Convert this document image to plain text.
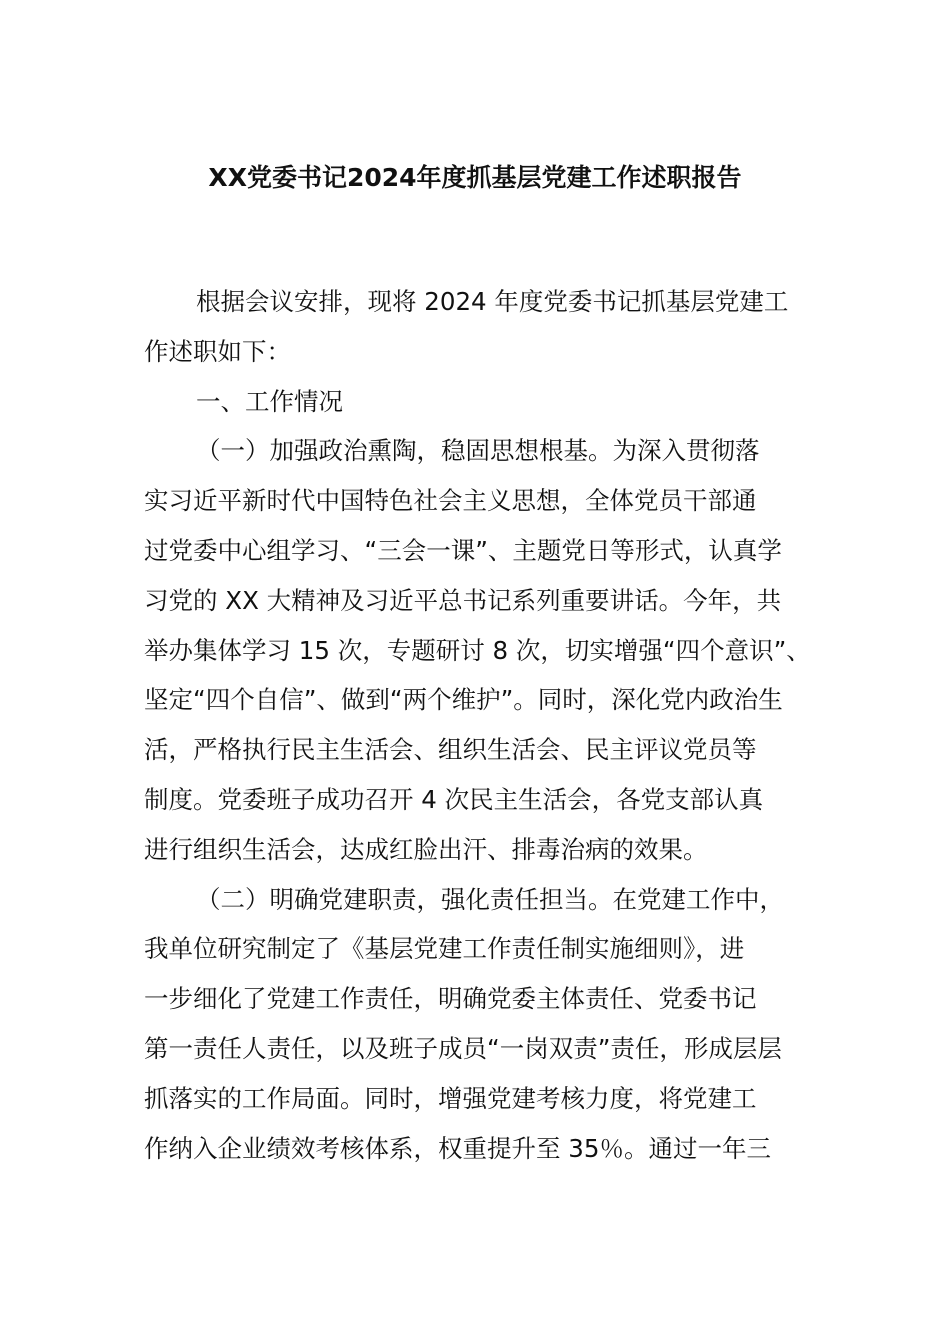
XX党委书记2024年度抓基层党建工作述职报告
根据会议安排，现将 2024 年度党委书记抓基层党建工
作述职如下：
一、工作情况
（一）加强政治熏陶，稳固思想根基。为深入贯彻落
实习近平新时代中国特色社会主义思想，全体党员干部通
过党委中心组学习、“三会一课”、主题党日等形式，认真学
习党的 XX 大精神及习近平总书记系列重要讲话。今年，共
举办集体学习 15 次，专题研讨 8 次，切实增强“四个意识”、
坚定“四个自信”、做到“两个维护”。同时，深化党内政治生
活，严格执行民主生活会、组织生活会、民主评议党员等
制度。党委班子成功召开 4 次民主生活会，各党支部认真
进行组织生活会，达成红脸出汗、排毒治病的效果。
（二）明确党建职责，强化责任担当。在党建工作中，
我单位研究制定了《基层党建工作责任制实施细则》，进
一步细化了党建工作责任，明确党委主体责任、党委书记
第一责任人责任，以及班子成员“一岗双责”责任，形成层层
抓落实的工作局面。同时，增强党建考核力度，将党建工
作纳入企业绩效考核体系，权重提升至 35％。通过一年三
